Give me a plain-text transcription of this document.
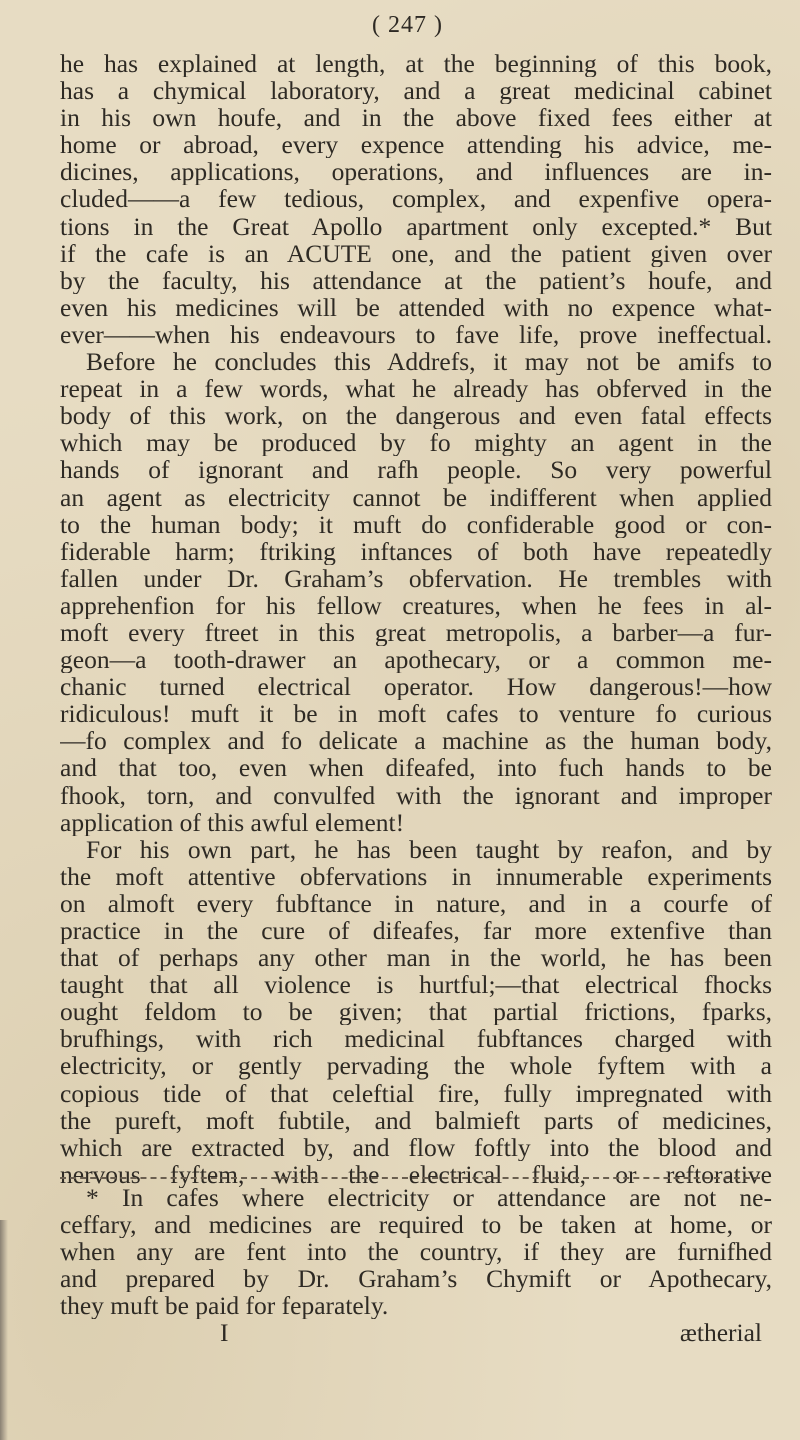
( 247 )
he has explained at length, at the beginning of this book,
has a chymical laboratory, and a great medicinal cabinet
in his own houfe, and in the above fixed fees either at
home or abroad, every expence attending his advice, me-
dicines, applications, operations, and influences are in-
cluded——a few tedious, complex, and expenfive opera-
tions in the Great Apollo apartment only excepted.* But
if the cafe is an ACUTE one, and the patient given over
by the faculty, his attendance at the patient’s houfe, and
even his medicines will be attended with no expence what-
ever——when his endeavours to fave life, prove ineffectual.
Before he concludes this Addrefs, it may not be amifs to
repeat in a few words, what he already has obferved in the
body of this work, on the dangerous and even fatal effects
which may be produced by fo mighty an agent in the
hands of ignorant and rafh people. So very powerful
an agent as electricity cannot be indifferent when applied
to the human body; it muft do confiderable good or con-
fiderable harm; ftriking inftances of both have repeatedly
fallen under Dr. Graham’s obfervation. He trembles with
apprehenfion for his fellow creatures, when he fees in al-
moft every ftreet in this great metropolis, a barber—a fur-
geon—a tooth-drawer an apothecary, or a common me-
chanic turned electrical operator. How dangerous!—how
ridiculous! muft it be in moft cafes to venture fo curious
—fo complex and fo delicate a machine as the human body,
and that too, even when difeafed, into fuch hands to be
fhook, torn, and convulfed with the ignorant and improper
application of this awful element!
For his own part, he has been taught by reafon, and by
the moft attentive obfervations in innumerable experiments
on almoft every fubftance in nature, and in a courfe of
practice in the cure of difeafes, far more extenfive than
that of perhaps any other man in the world, he has been
taught that all violence is hurtful;—that electrical fhocks
ought feldom to be given; that partial frictions, fparks,
brufhings, with rich medicinal fubftances charged with
electricity, or gently pervading the whole fyftem with a
copious tide of that celeftial fire, fully impregnated with
the pureft, moft fubtile, and balmieft parts of medicines,
which are extracted by, and flow foftly into the blood and
nervous fyftem, with the electrical fluid, or reftorative
* In cafes where electricity or attendance are not ne-
ceffary, and medicines are required to be taken at home, or
when any are fent into the country, if they are furnifhed
and prepared by Dr. Graham’s Chymift or Apothecary,
they muft be paid for feparately.
I	ætherial
